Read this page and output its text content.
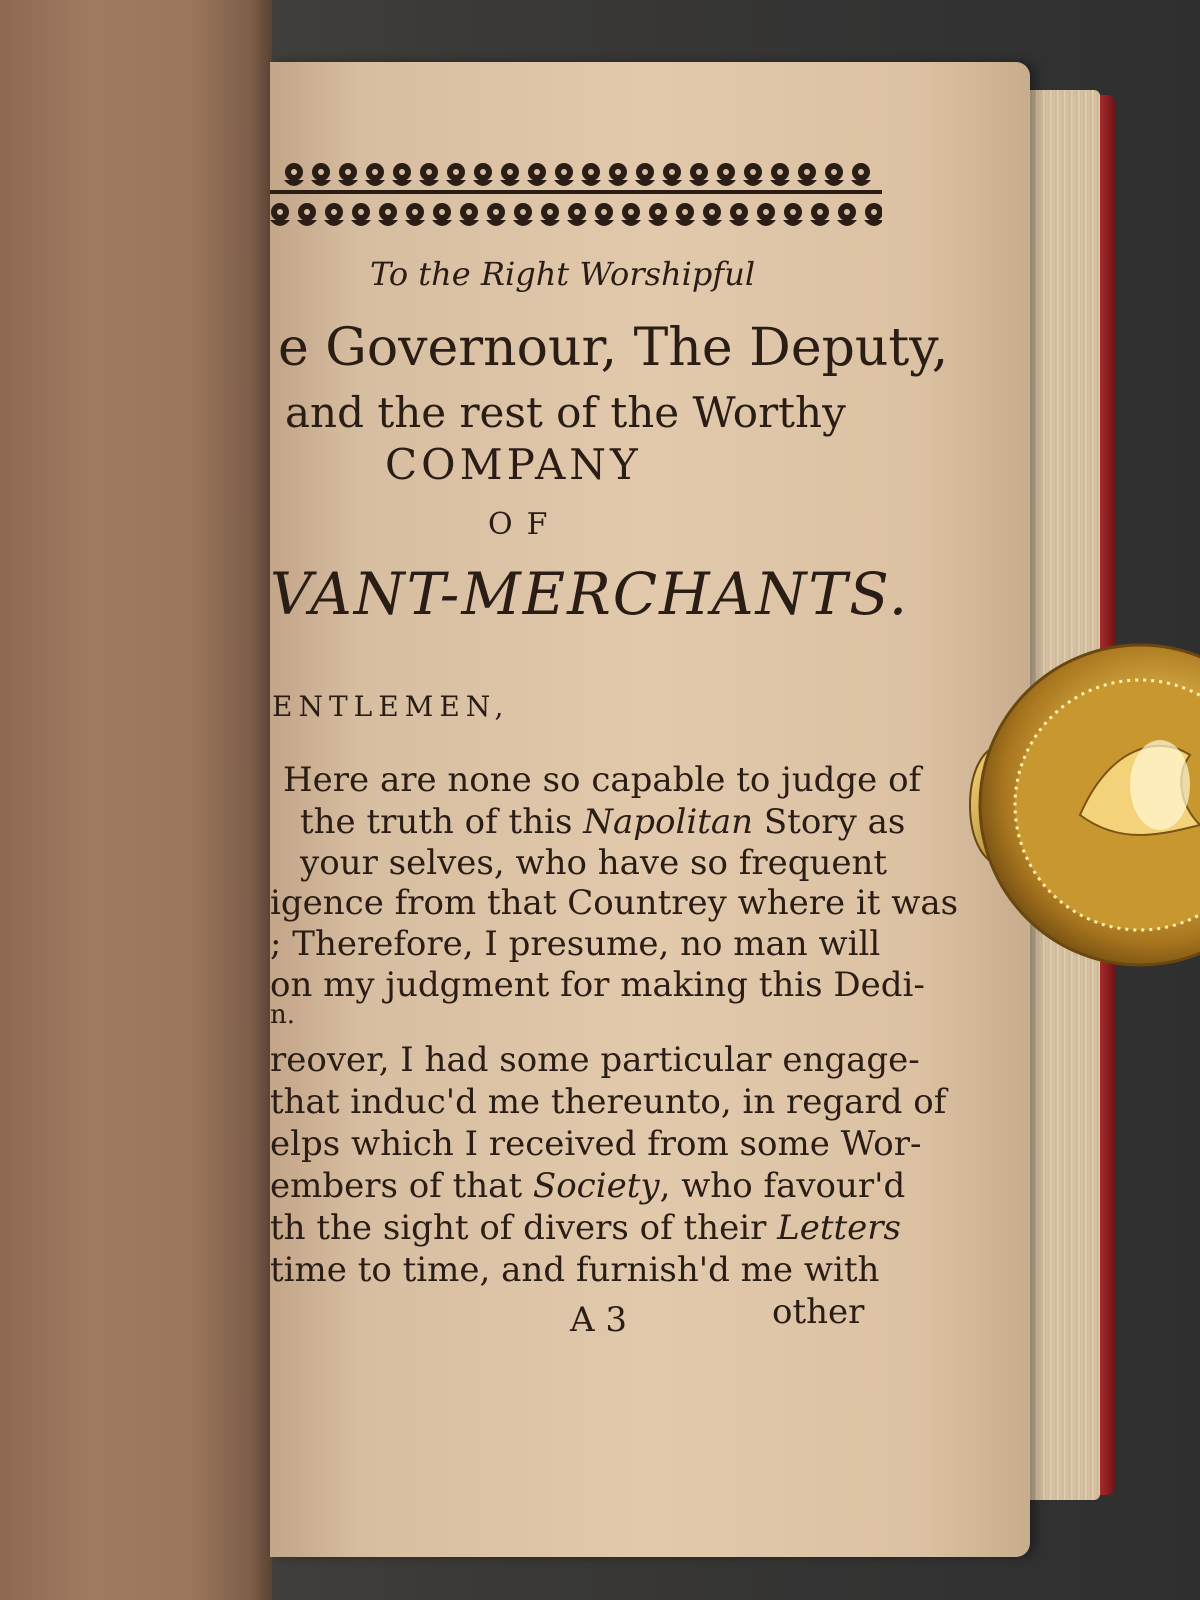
To the Right Worshipful
e Governour, The Deputy,
and the rest of the Worthy
COMPANY
OF
VANT-MERCHANTS.
ENTLEMEN,
Here are none so capable to judge of
the truth of this Napolitan Story as
your selves, who have so frequent
igence from that Countrey where it was
; Therefore, I presume, no man will
on my judgment for making this Dedi-
n.
reover, I had some particular engage-
that induc'd me thereunto, in regard of
elps which I received from some Wor-
embers of that Society, who favour'd
th the sight of divers of their Letters
time to time, and furnish'd me with
A 3	other
